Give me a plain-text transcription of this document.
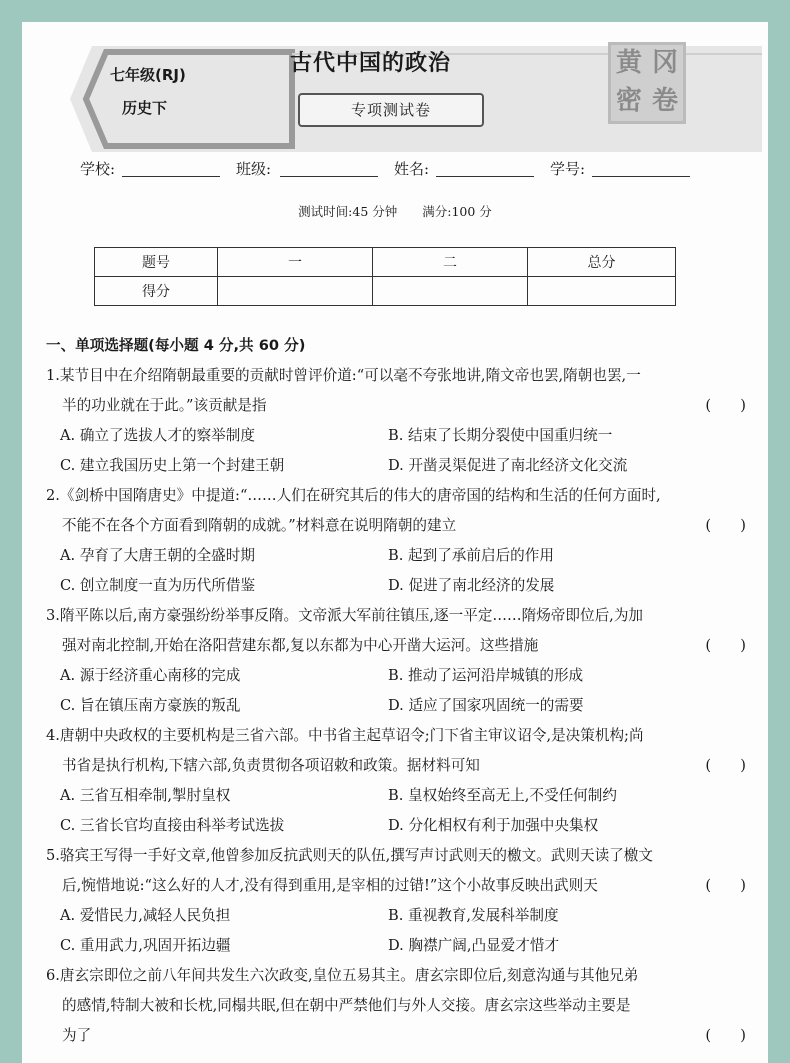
七年级(RJ)
历史下
古代中国的政治
专项测试卷
黄 冈
密 卷
学校:	班级:	姓名:	学号:
测试时间:45 分钟　　满分:100 分
题号	一	二	总分
得分			
一、单项选择题(每小题 4 分,共 60 分)
1.某节目中在介绍隋朝最重要的贡献时曾评价道:“可以毫不夸张地讲,隋文帝也罢,隋朝也罢,一
半的功业就在于此。”该贡献是指	(　　)
A. 确立了选拔人才的察举制度	B. 结束了长期分裂使中国重归统一
C. 建立我国历史上第一个封建王朝	D. 开凿灵渠促进了南北经济文化交流
2.《剑桥中国隋唐史》中提道:“……人们在研究其后的伟大的唐帝国的结构和生活的任何方面时,
不能不在各个方面看到隋朝的成就。”材料意在说明隋朝的建立	(　　)
A. 孕育了大唐王朝的全盛时期	B. 起到了承前启后的作用
C. 创立制度一直为历代所借鉴	D. 促进了南北经济的发展
3.隋平陈以后,南方豪强纷纷举事反隋。文帝派大军前往镇压,逐一平定……隋炀帝即位后,为加
强对南北控制,开始在洛阳营建东都,复以东都为中心开凿大运河。这些措施	(　　)
A. 源于经济重心南移的完成	B. 推动了运河沿岸城镇的形成
C. 旨在镇压南方豪族的叛乱	D. 适应了国家巩固统一的需要
4.唐朝中央政权的主要机构是三省六部。中书省主起草诏令;门下省主审议诏令,是决策机构;尚
书省是执行机构,下辖六部,负责贯彻各项诏敕和政策。据材料可知	(　　)
A. 三省互相牵制,掣肘皇权	B. 皇权始终至高无上,不受任何制约
C. 三省长官均直接由科举考试选拔	D. 分化相权有利于加强中央集权
5.骆宾王写得一手好文章,他曾参加反抗武则天的队伍,撰写声讨武则天的檄文。武则天读了檄文
后,惋惜地说:“这么好的人才,没有得到重用,是宰相的过错!”这个小故事反映出武则天	(　　)
A. 爱惜民力,减轻人民负担	B. 重视教育,发展科举制度
C. 重用武力,巩固开拓边疆	D. 胸襟广阔,凸显爱才惜才
6.唐玄宗即位之前八年间共发生六次政变,皇位五易其主。唐玄宗即位后,刻意沟通与其他兄弟
的感情,特制大被和长枕,同榻共眠,但在朝中严禁他们与外人交接。唐玄宗这些举动主要是
为了	(　　)
